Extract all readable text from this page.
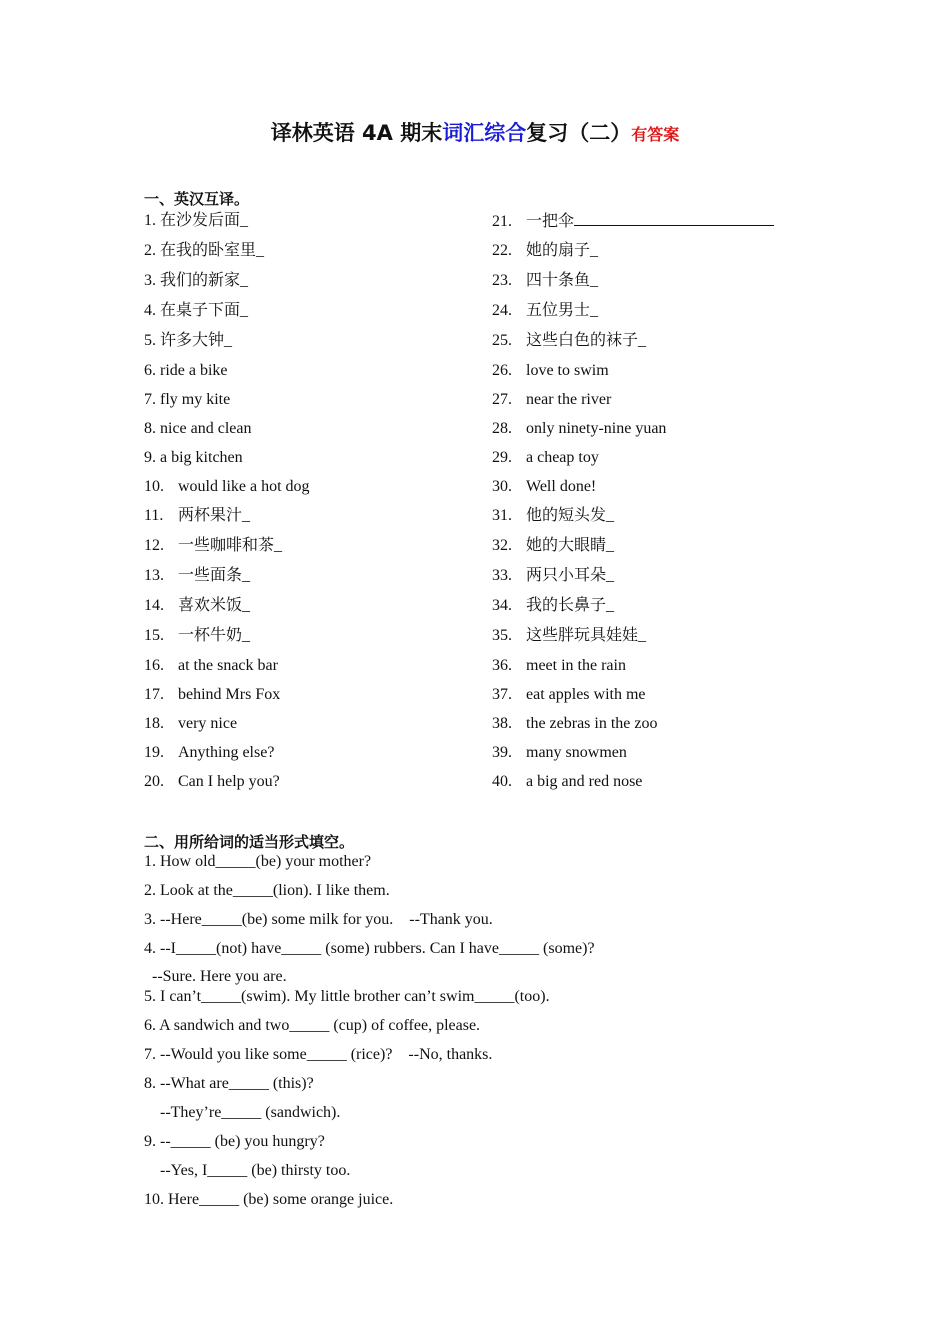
译林英语 4A 期末词汇综合复习（二）有答案
一、英汉互译。
1. 在沙发后面_
2. 在我的卧室里_
3. 我们的新家_
4. 在桌子下面_
5. 许多大钟_
6. ride a bike
7. fly my kite
8. nice and clean
9. a big kitchen
10. would like a hot dog
11. 两杯果汁_
12. 一些咖啡和茶_
13. 一些面条_
14. 喜欢米饭_
15. 一杯牛奶_
16. at the snack bar
17. behind Mrs Fox
18. very nice
19. Anything else?
20. Can I help you?
21. 一把伞
22. 她的扇子_
23. 四十条鱼_
24. 五位男士_
25. 这些白色的袜子_
26. love to swim
27. near the river
28. only ninety-nine yuan
29. a cheap toy
30. Well done!
31. 他的短头发_
32. 她的大眼睛_
33. 两只小耳朵_
34. 我的长鼻子_
35. 这些胖玩具娃娃_
36. meet in the rain
37. eat apples with me
38. the zebras in the zoo
39. many snowmen
40. a big and red nose
二、用所给词的适当形式填空。
1. How old_____(be) your mother?
2. Look at the_____(lion). I like them.
3. --Here_____(be) some milk for you.    --Thank you.
4. --I_____(not) have_____ (some) rubbers. Can I have_____ (some)?
--Sure. Here you are.
5. I can’t_____(swim). My little brother can’t swim_____(too).
6. A sandwich and two_____ (cup) of coffee, please.
7. --Would you like some_____ (rice)?    --No, thanks.
8. --What are_____ (this)?
--They’re_____ (sandwich).
9. --_____ (be) you hungry?
--Yes, I_____ (be) thirsty too.
10. Here_____ (be) some orange juice.
